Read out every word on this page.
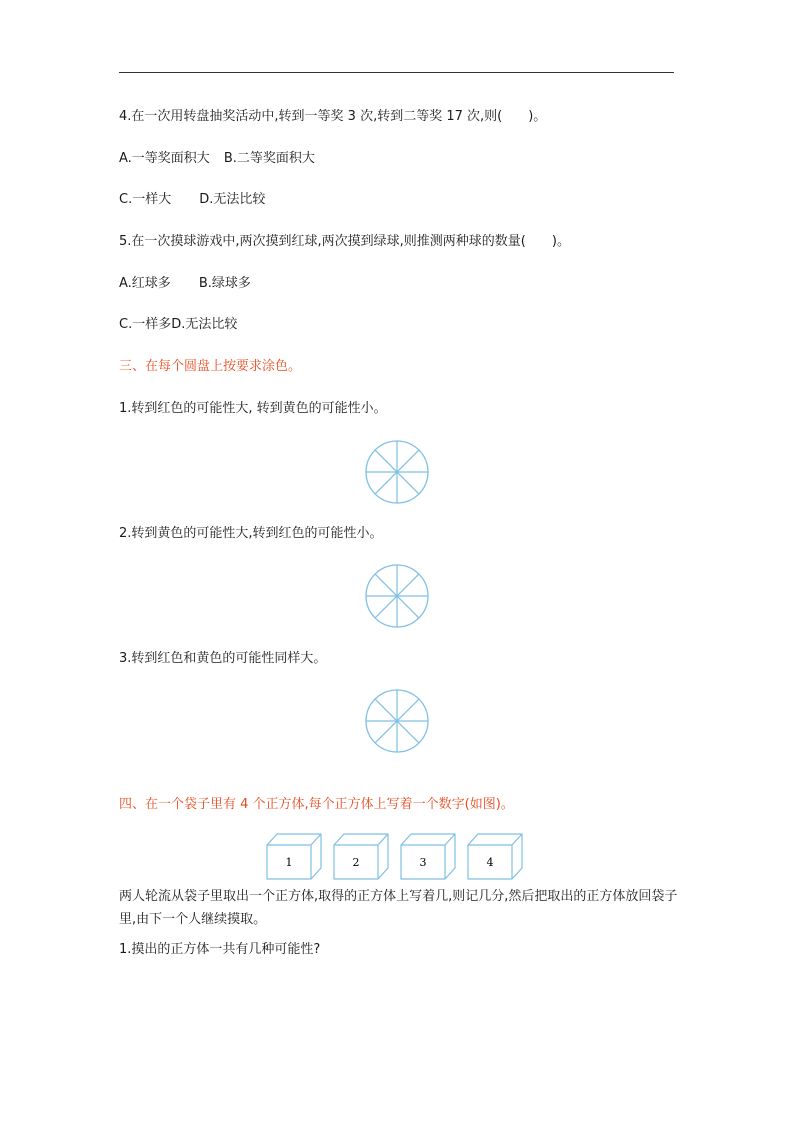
4.在一次用转盘抽奖活动中,转到一等奖 3 次,转到二等奖 17 次,则(　　)。
A.一等奖面积大 B.二等奖面积大
C.一样大 D.无法比较
5.在一次摸球游戏中,两次摸到红球,两次摸到绿球,则推测两种球的数量(　　)。
A.红球多 B.绿球多
C.一样多D.无法比较
三、在每个圆盘上按要求涂色。
1.转到红色的可能性大, 转到黄色的可能性小。
2.转到黄色的可能性大,转到红色的可能性小。
3.转到红色和黄色的可能性同样大。
四、在一个袋子里有 4 个正方体,每个正方体上写着一个数字(如图)。
1	2	3	4
两人轮流从袋子里取出一个正方体,取得的正方体上写着几,则记几分,然后把取出的正方体放回袋子里,由下一个人继续摸取。
1.摸出的正方体一共有几种可能性?
